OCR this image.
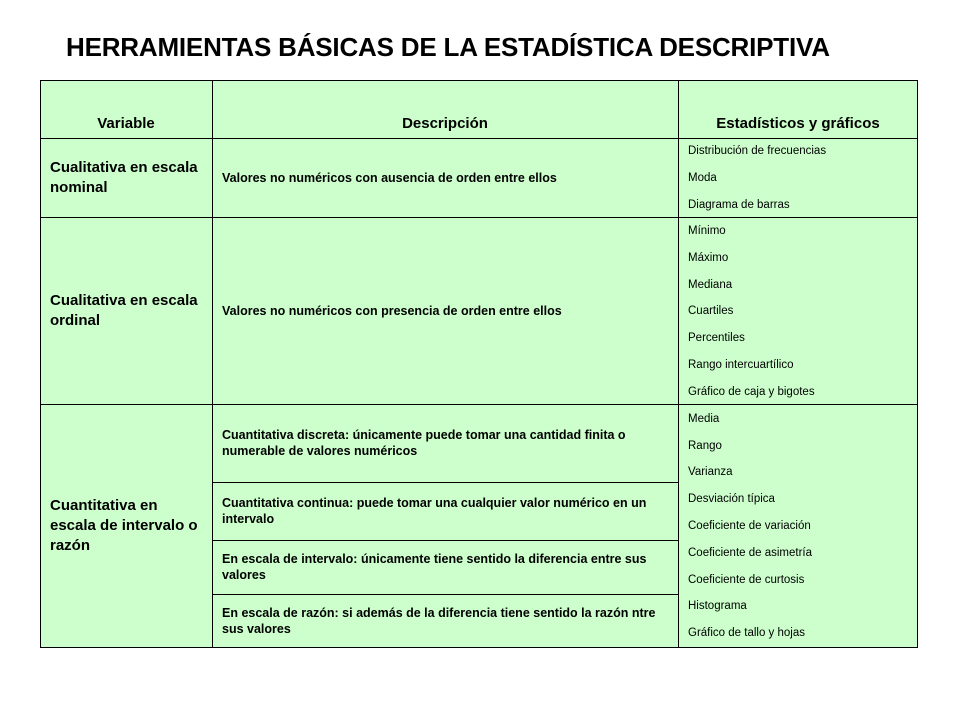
HERRAMIENTAS BÁSICAS DE LA ESTADÍSTICA DESCRIPTIVA
Variable	Descripción	Estadísticos y gráficos
Cualitativa en escala nominal
Valores no numéricos con ausencia de orden entre ellos
Distribución de frecuencias
Moda
Diagrama de barras
Cualitativa en escala ordinal
Valores no numéricos con presencia de orden entre ellos
Mínimo
Máximo
Mediana
Cuartiles
Percentiles
Rango intercuartílico
Gráfico de caja y bigotes
Cuantitativa en escala de intervalo o razón
Cuantitativa discreta: únicamente puede tomar una cantidad finita o numerable de valores numéricos
Cuantitativa continua: puede tomar una cualquier valor numérico en un intervalo
En escala de intervalo: únicamente tiene sentido la diferencia entre sus valores
En escala de razón: si además de la diferencia tiene sentido la razón ntre sus valores
Media
Rango
Varianza
Desviación típica
Coeficiente de variación
Coeficiente de asimetría
Coeficiente de curtosis
Histograma
Gráfico de tallo y hojas
